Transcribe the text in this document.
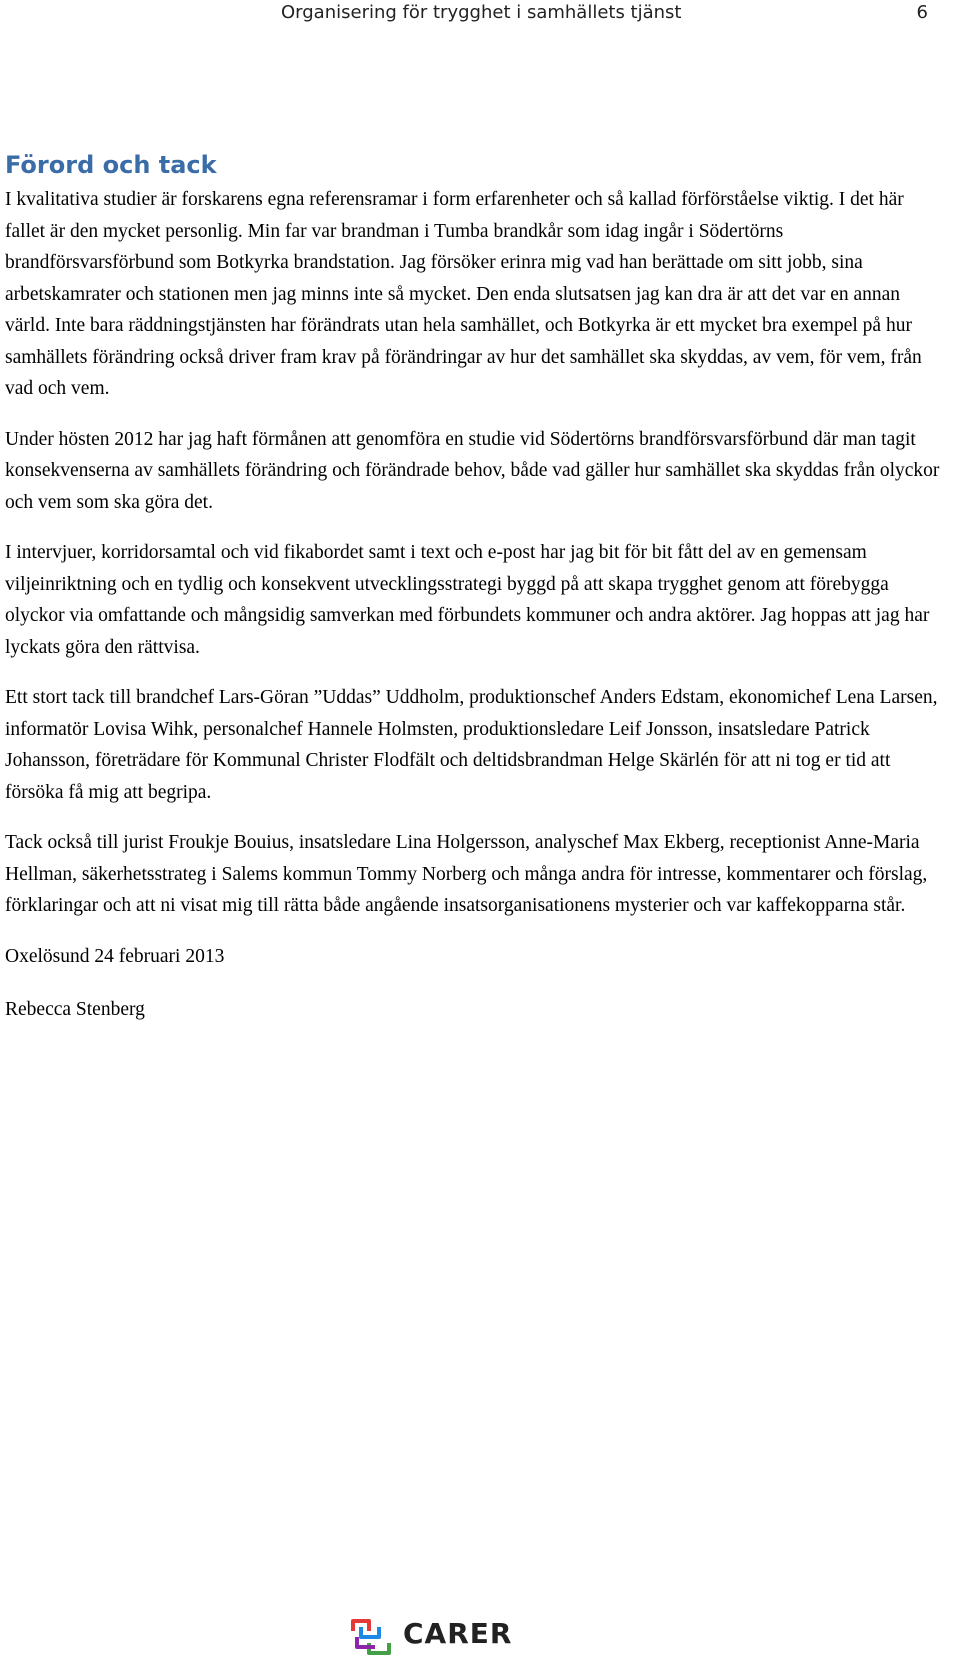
Organisering för trygghet i samhällets tjänst	6
Förord och tack

I kvalitativa studier är forskarens egna referensramar i form erfarenheter och så kallad förförståelse viktig. I det här fallet är den mycket personlig. Min far var brandman i Tumba brandkår som idag ingår i Södertörns brandförsvarsförbund som Botkyrka brandstation. Jag försöker erinra mig vad han berättade om sitt jobb, sina arbetskamrater och stationen men jag minns inte så mycket. Den enda slutsatsen jag kan dra är att det var en annan värld. Inte bara räddningstjänsten har förändrats utan hela samhället, och Botkyrka är ett mycket bra exempel på hur samhällets förändring också driver fram krav på förändringar av hur det samhället ska skyddas, av vem, för vem, från vad och vem.

Under hösten 2012 har jag haft förmånen att genomföra en studie vid Södertörns brandförsvarsförbund där man tagit konsekvenserna av samhällets förändring och förändrade behov, både vad gäller hur samhället ska skyddas från olyckor och vem som ska göra det.

I intervjuer, korridorsamtal och vid fikabordet samt i text och e-post har jag bit för bit fått del av en gemensam viljeinriktning och en tydlig och konsekvent utvecklingsstrategi byggd på att skapa trygghet genom att förebygga olyckor via omfattande och mångsidig samverkan med förbundets kommuner och andra aktörer. Jag hoppas att jag har lyckats göra den rättvisa.

Ett stort tack till brandchef Lars-Göran ”Uddas” Uddholm, produktionschef Anders Edstam, ekonomichef Lena Larsen, informatör Lovisa Wihk, personalchef Hannele Holmsten, produktionsledare Leif Jonsson, insatsledare Patrick Johansson, företrädare för Kommunal Christer Flodfält och deltidsbrandman Helge Skärlén för att ni tog er tid att försöka få mig att begripa.

Tack också till jurist Froukje Bouius, insatsledare Lina Holgersson, analyschef Max Ekberg, receptionist Anne-Maria Hellman, säkerhetsstrateg i Salems kommun Tommy Norberg och många andra för intresse, kommentarer och förslag, förklaringar och att ni visat mig till rätta både angående insatsorganisationens mysterier och var kaffekopparna står.

Oxelösund 24 februari 2013

Rebecca Stenberg

CARER
